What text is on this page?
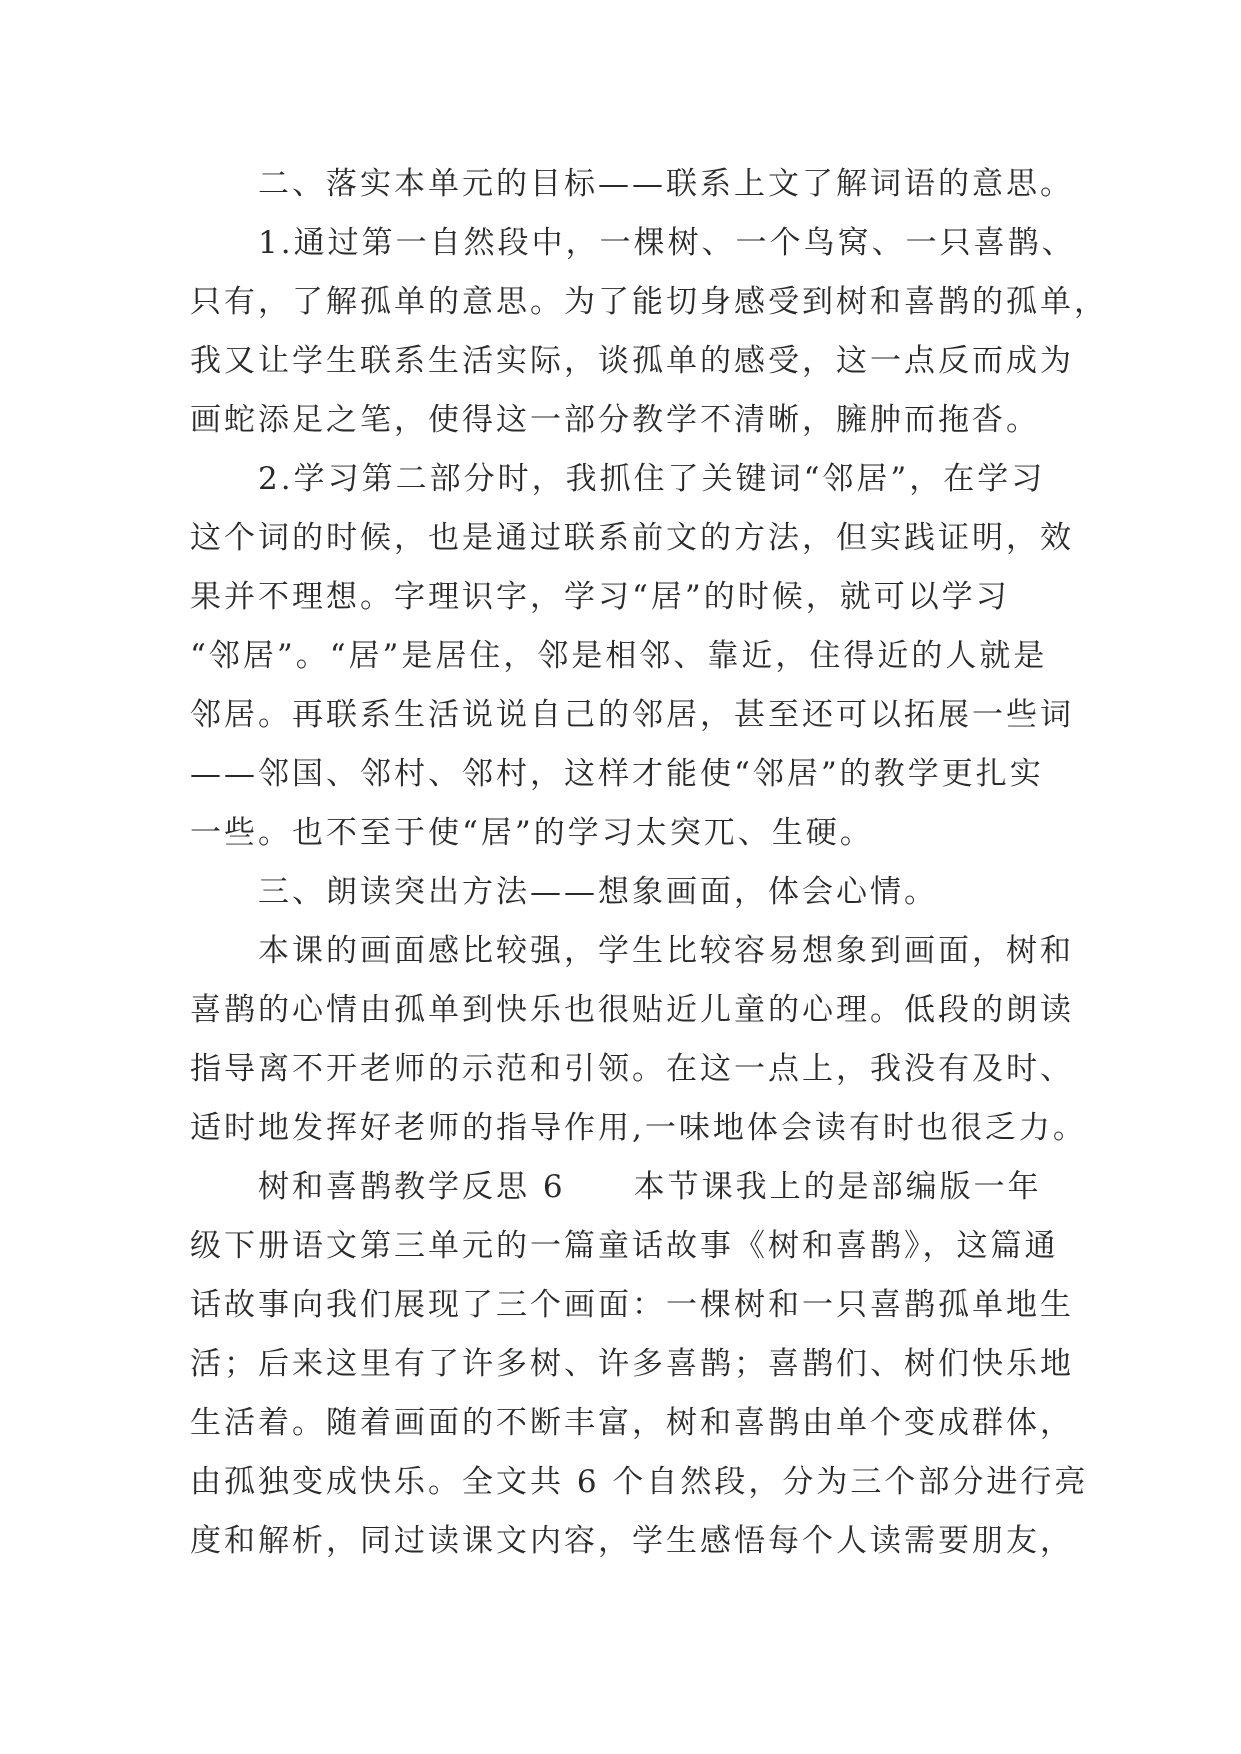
二、落实本单元的目标——联系上文了解词语的意思。
1.通过第一自然段中，一棵树、一个鸟窝、一只喜鹊、
只有，了解孤单的意思。为了能切身感受到树和喜鹊的孤单，
我又让学生联系生活实际，谈孤单的感受，这一点反而成为
画蛇添足之笔，使得这一部分教学不清晰，臃肿而拖沓。
2.学习第二部分时，我抓住了关键词“邻居”，在学习
这个词的时候，也是通过联系前文的方法，但实践证明，效
果并不理想。字理识字，学习“居”的时候，就可以学习
“邻居”。“居”是居住，邻是相邻、靠近，住得近的人就是
邻居。再联系生活说说自己的邻居，甚至还可以拓展一些词
——邻国、邻村、邻村，这样才能使“邻居”的教学更扎实
一些。也不至于使“居”的学习太突兀、生硬。
三、朗读突出方法——想象画面，体会心情。
本课的画面感比较强，学生比较容易想象到画面，树和
喜鹊的心情由孤单到快乐也很贴近儿童的心理。低段的朗读
指导离不开老师的示范和引领。在这一点上，我没有及时、
适时地发挥好老师的指导作用,一味地体会读有时也很乏力。
树和喜鹊教学反思 6　　本节课我上的是部编版一年
级下册语文第三单元的一篇童话故事《树和喜鹊》，这篇通
话故事向我们展现了三个画面：一棵树和一只喜鹊孤单地生
活；后来这里有了许多树、许多喜鹊；喜鹊们、树们快乐地
生活着。随着画面的不断丰富，树和喜鹊由单个变成群体，
由孤独变成快乐。全文共 6 个自然段，分为三个部分进行亮
度和解析，同过读课文内容，学生感悟每个人读需要朋友，
